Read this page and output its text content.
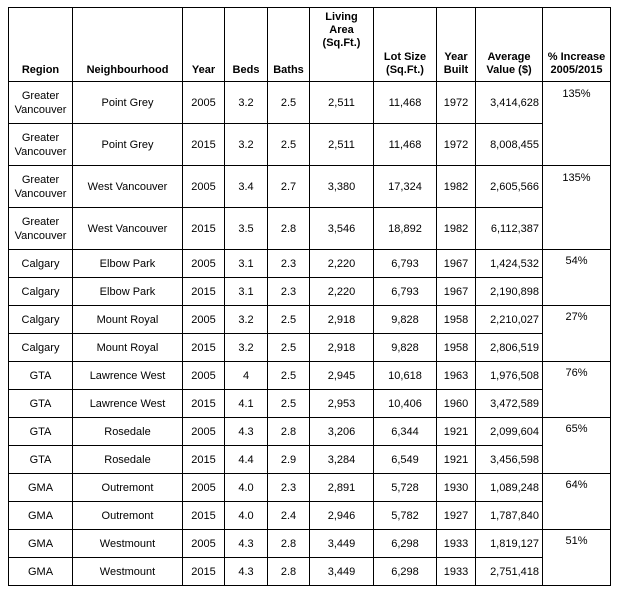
Region	Neighbourhood	Year	Beds	Baths	Living Area (Sq.Ft.)	Lot Size (Sq.Ft.)	Year Built	Average Value ($)	% Increase 2005/2015
Greater Vancouver	Point Grey	2005	3.2	2.5	2,511	11,468	1972	3,414,628	135%
Greater Vancouver	Point Grey	2015	3.2	2.5	2,511	11,468	1972	8,008,455	
Greater Vancouver	West Vancouver	2005	3.4	2.7	3,380	17,324	1982	2,605,566	135%
Greater Vancouver	West Vancouver	2015	3.5	2.8	3,546	18,892	1982	6,112,387	
Calgary	Elbow Park	2005	3.1	2.3	2,220	6,793	1967	1,424,532	54%
Calgary	Elbow Park	2015	3.1	2.3	2,220	6,793	1967	2,190,898	
Calgary	Mount Royal	2005	3.2	2.5	2,918	9,828	1958	2,210,027	27%
Calgary	Mount Royal	2015	3.2	2.5	2,918	9,828	1958	2,806,519	
GTA	Lawrence West	2005	4	2.5	2,945	10,618	1963	1,976,508	76%
GTA	Lawrence West	2015	4.1	2.5	2,953	10,406	1960	3,472,589	
GTA	Rosedale	2005	4.3	2.8	3,206	6,344	1921	2,099,604	65%
GTA	Rosedale	2015	4.4	2.9	3,284	6,549	1921	3,456,598	
GMA	Outremont	2005	4.0	2.3	2,891	5,728	1930	1,089,248	64%
GMA	Outremont	2015	4.0	2.4	2,946	5,782	1927	1,787,840	
GMA	Westmount	2005	4.3	2.8	3,449	6,298	1933	1,819,127	51%
GMA	Westmount	2015	4.3	2.8	3,449	6,298	1933	2,751,418	
